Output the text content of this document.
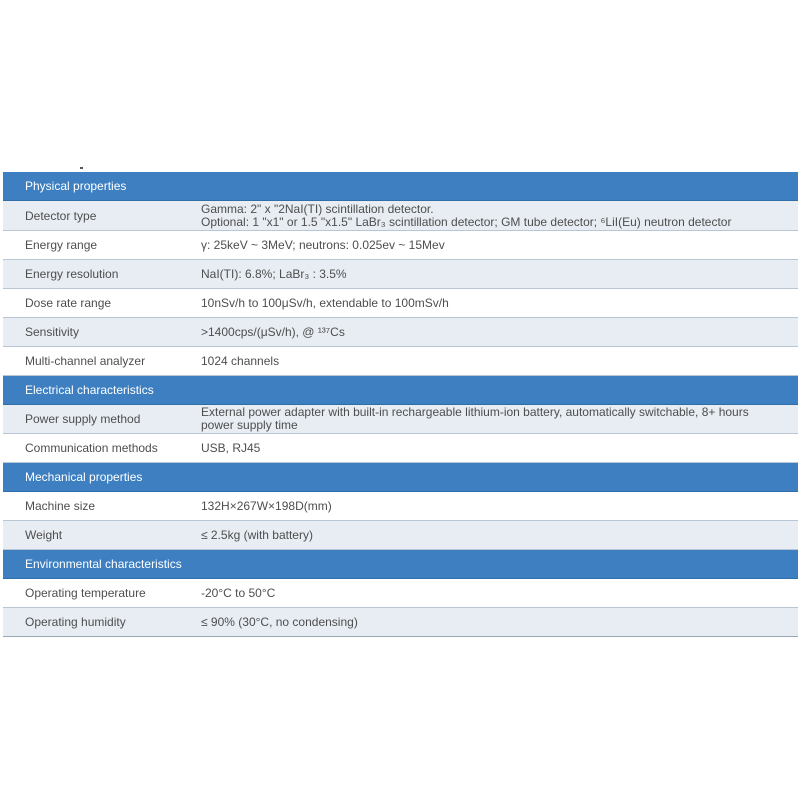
Physical properties
Detector type	Gamma: 2" x "2NaI(TI) scintillation detector.
Optional: 1 "x1" or 1.5 "x1.5" LaBr₃ scintillation detector; GM tube detector; ⁶LiI(Eu) neutron detector
Energy range	γ: 25keV ~ 3MeV; neutrons: 0.025ev ~ 15Mev
Energy resolution	NaI(TI): 6.8%; LaBr₃ : 3.5%
Dose rate range	10nSv/h to 100μSv/h, extendable to 100mSv/h
Sensitivity	>1400cps/(μSv/h), @ ¹³⁷Cs
Multi-channel analyzer	1024 channels
Electrical characteristics
Power supply method	External power adapter with built-in rechargeable lithium-ion battery, automatically switchable, 8+ hours
power supply time
Communication methods	USB, RJ45
Mechanical properties
Machine size	132H×267W×198D(mm)
Weight	≤ 2.5kg (with battery)
Environmental characteristics
Operating temperature	-20°C to 50°C
Operating humidity	≤ 90% (30°C, no condensing)
